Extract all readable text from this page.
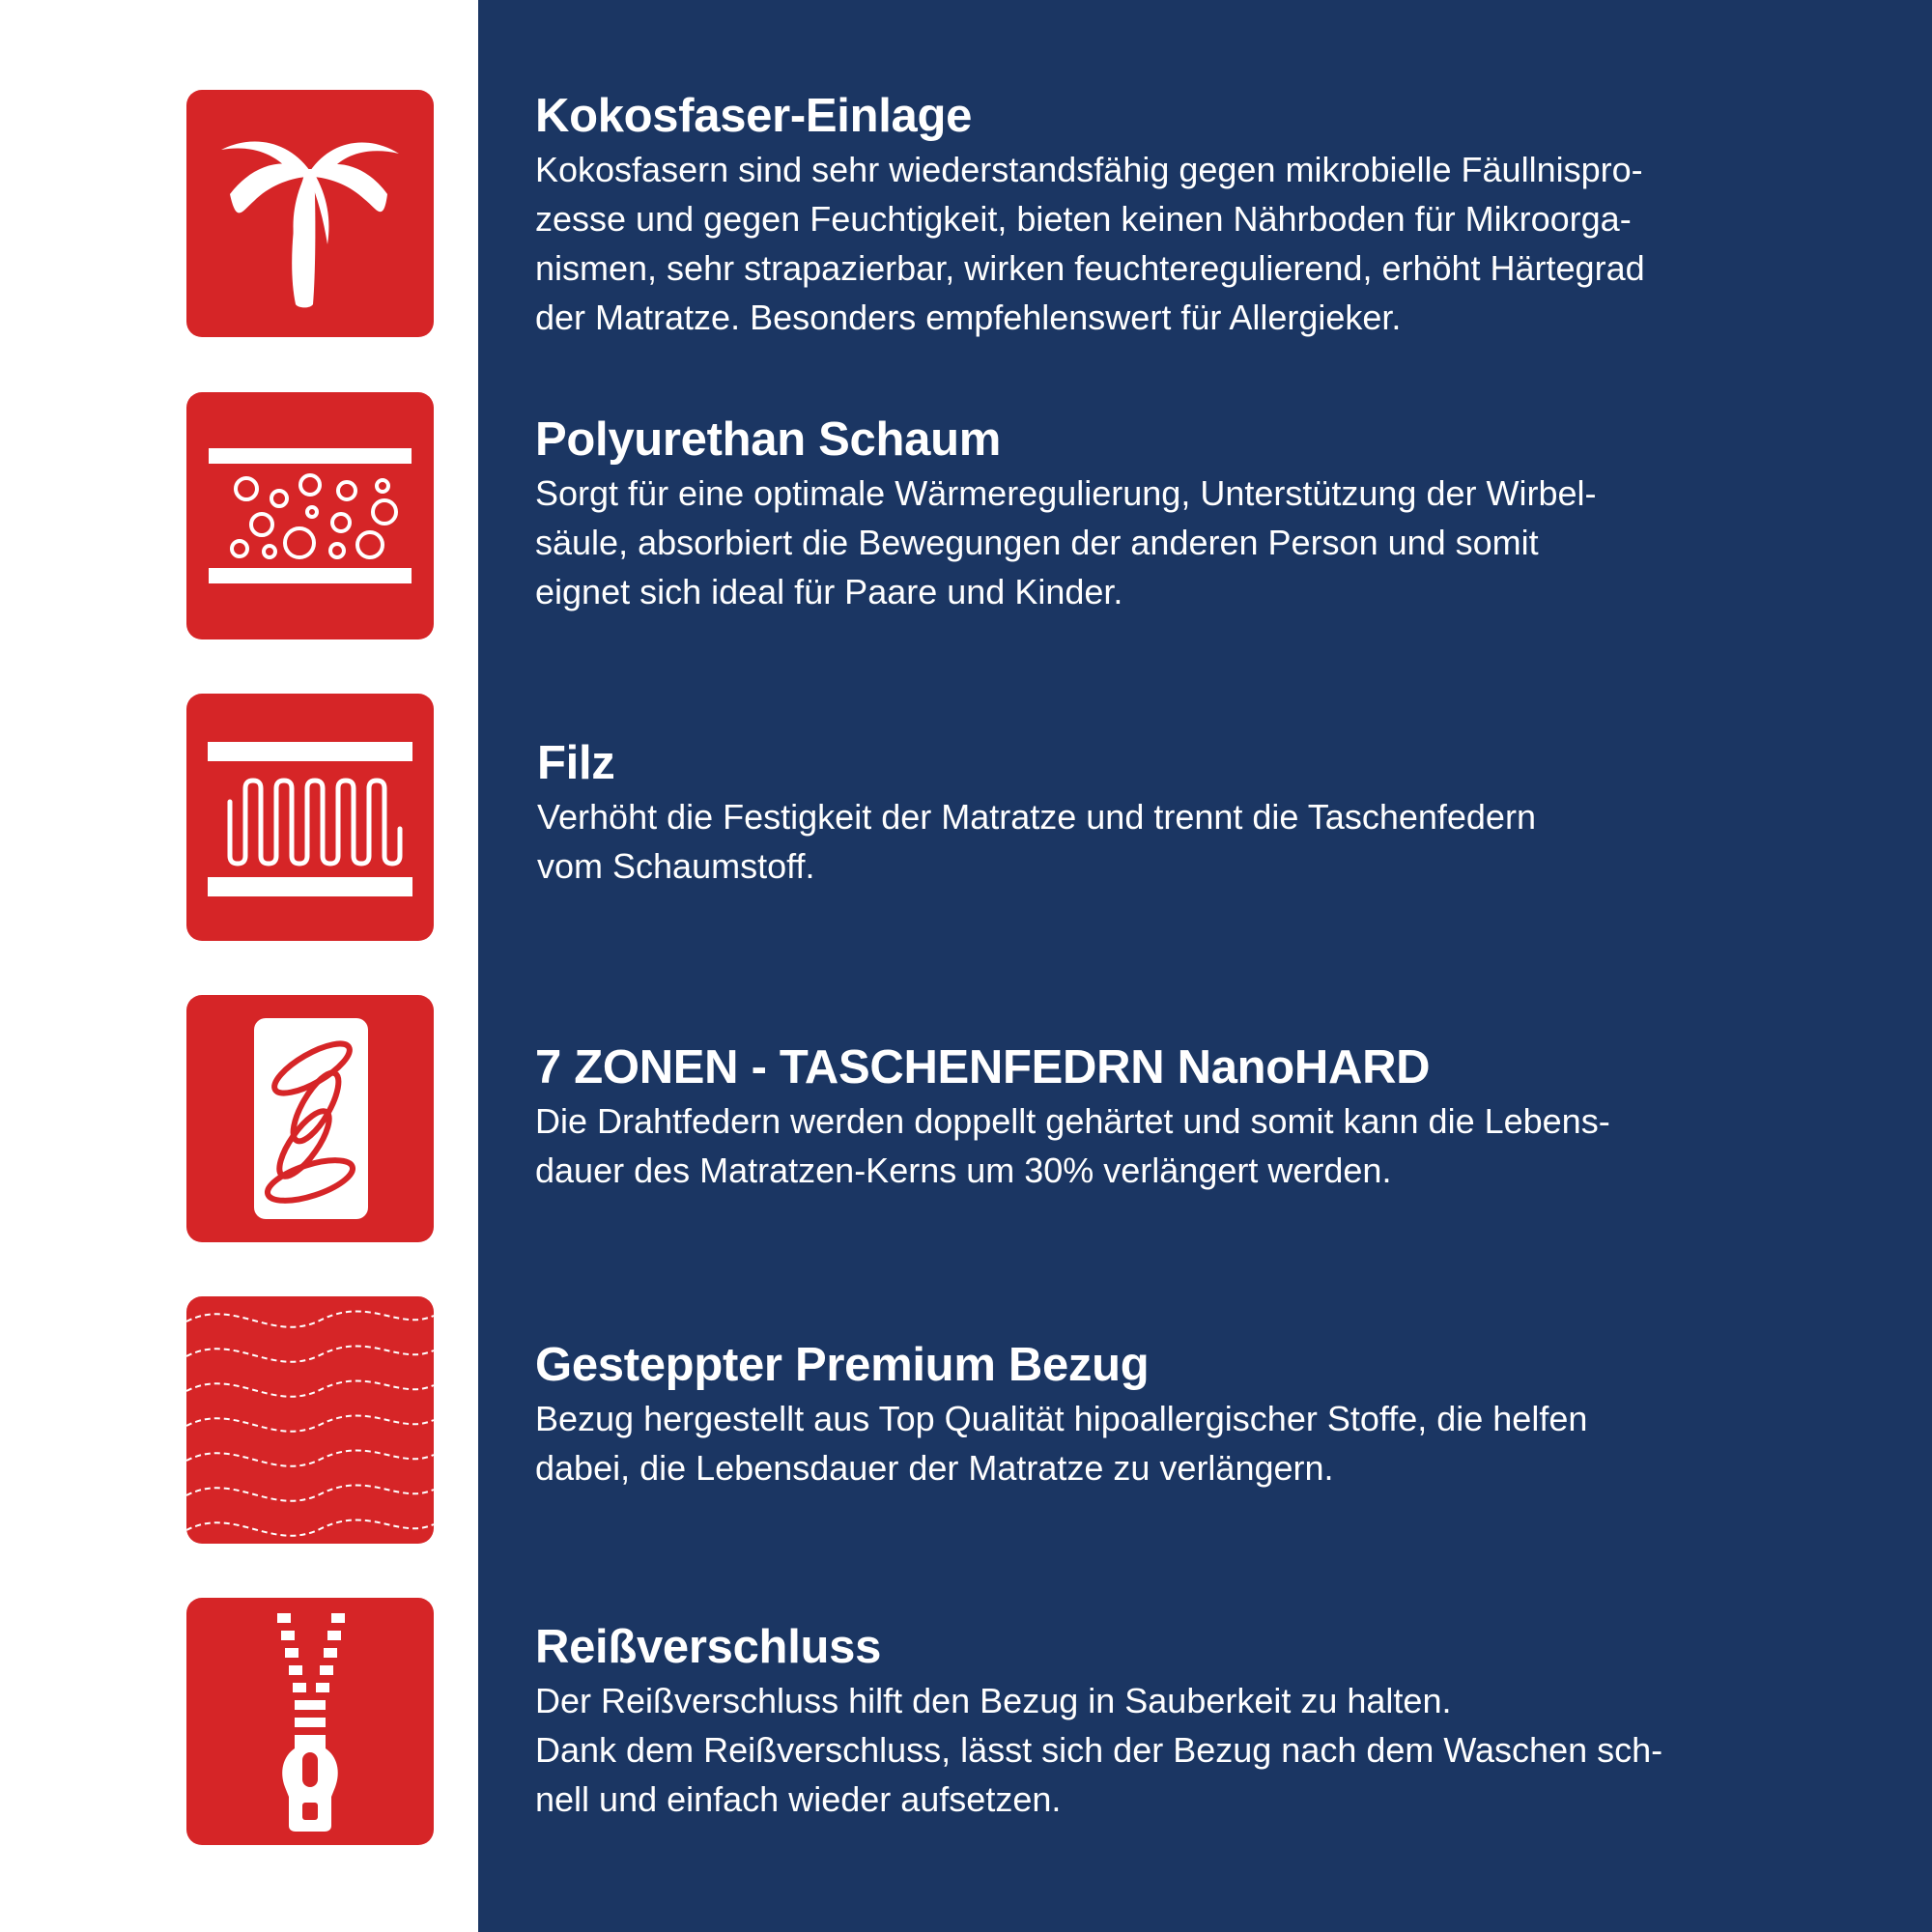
Kokosfaser-Einlage

Kokosfasern sind sehr wiederstandsfähig gegen mikrobielle Fäullnispro-
zesse und gegen Feuchtigkeit, bieten keinen Nährboden für Mikroorga-
nismen, sehr strapazierbar, wirken feuchteregulierend, erhöht Härtegrad
der Matratze. Besonders empfehlenswert für Allergieker.

Polyurethan Schaum

Sorgt für eine optimale Wärmeregulierung, Unterstützung der Wirbel-
säule, absorbiert die Bewegungen der anderen Person und somit
eignet sich ideal für Paare und Kinder.

Filz

Verhöht die Festigkeit der Matratze und trennt die Taschenfedern
vom Schaumstoff.

7 ZONEN - TASCHENFEDRN NanoHARD

Die Drahtfedern werden doppellt gehärtet und somit kann die Lebens-
dauer des Matratzen-Kerns um 30% verlängert werden.

Gesteppter Premium Bezug

Bezug hergestellt aus Top Qualität hipoallergischer Stoffe, die helfen
dabei, die Lebensdauer der Matratze zu verlängern.

Reißverschluss

Der Reißverschluss hilft den Bezug in Sauberkeit zu halten.
Dank dem Reißverschluss, lässt sich der Bezug nach dem Waschen sch-
nell und einfach wieder aufsetzen.
